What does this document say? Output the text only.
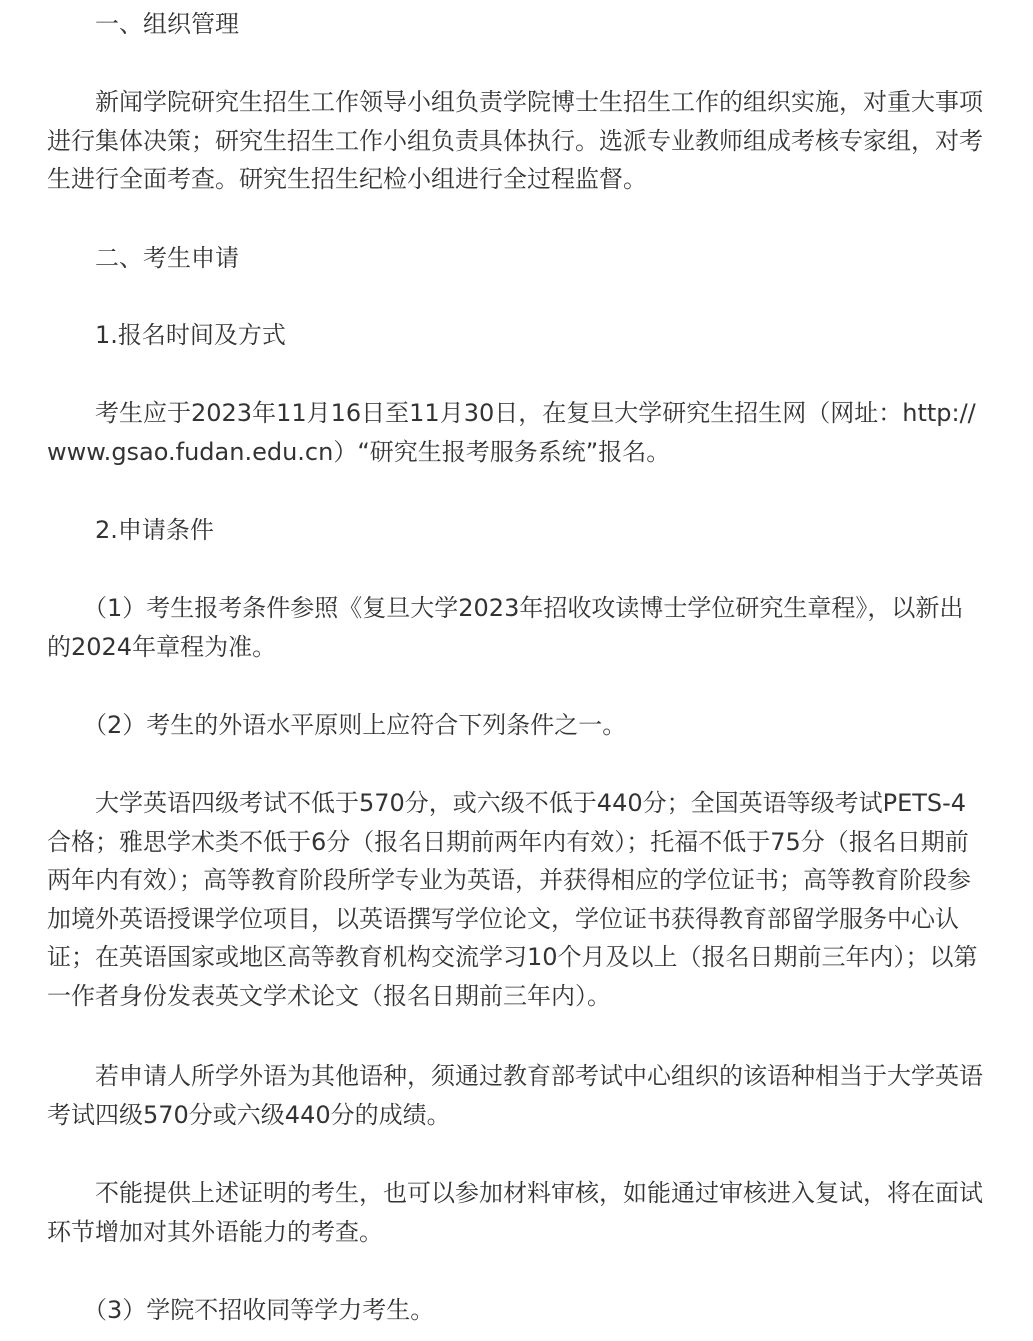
一、组织管理

新闻学院研究生招生工作领导小组负责学院博士生招生工作的组织实施，对重大事项进行集体决策；研究生招生工作小组负责具体执行。选派专业教师组成考核专家组，对考生进行全面考查。研究生招生纪检小组进行全过程监督。

二、考生申请

1.报名时间及方式

考生应于2023年11月16日至11月30日，在复旦大学研究生招生网（网址：http://www.gsao.fudan.edu.cn）“研究生报考服务系统”报名。

2.申请条件

（1）考生报考条件参照《复旦大学2023年招收攻读博士学位研究生章程》，以新出的2024年章程为准。

（2）考生的外语水平原则上应符合下列条件之一。

大学英语四级考试不低于570分，或六级不低于440分；全国英语等级考试PETS-4合格；雅思学术类不低于6分（报名日期前两年内有效）；托福不低于75分（报名日期前两年内有效）；高等教育阶段所学专业为英语，并获得相应的学位证书；高等教育阶段参加境外英语授课学位项目，以英语撰写学位论文，学位证书获得教育部留学服务中心认证；在英语国家或地区高等教育机构交流学习10个月及以上（报名日期前三年内）；以第一作者身份发表英文学术论文（报名日期前三年内）。

若申请人所学外语为其他语种，须通过教育部考试中心组织的该语种相当于大学英语考试四级570分或六级440分的成绩。

不能提供上述证明的考生，也可以参加材料审核，如能通过审核进入复试，将在面试环节增加对其外语能力的考查。

（3）学院不招收同等学力考生。
